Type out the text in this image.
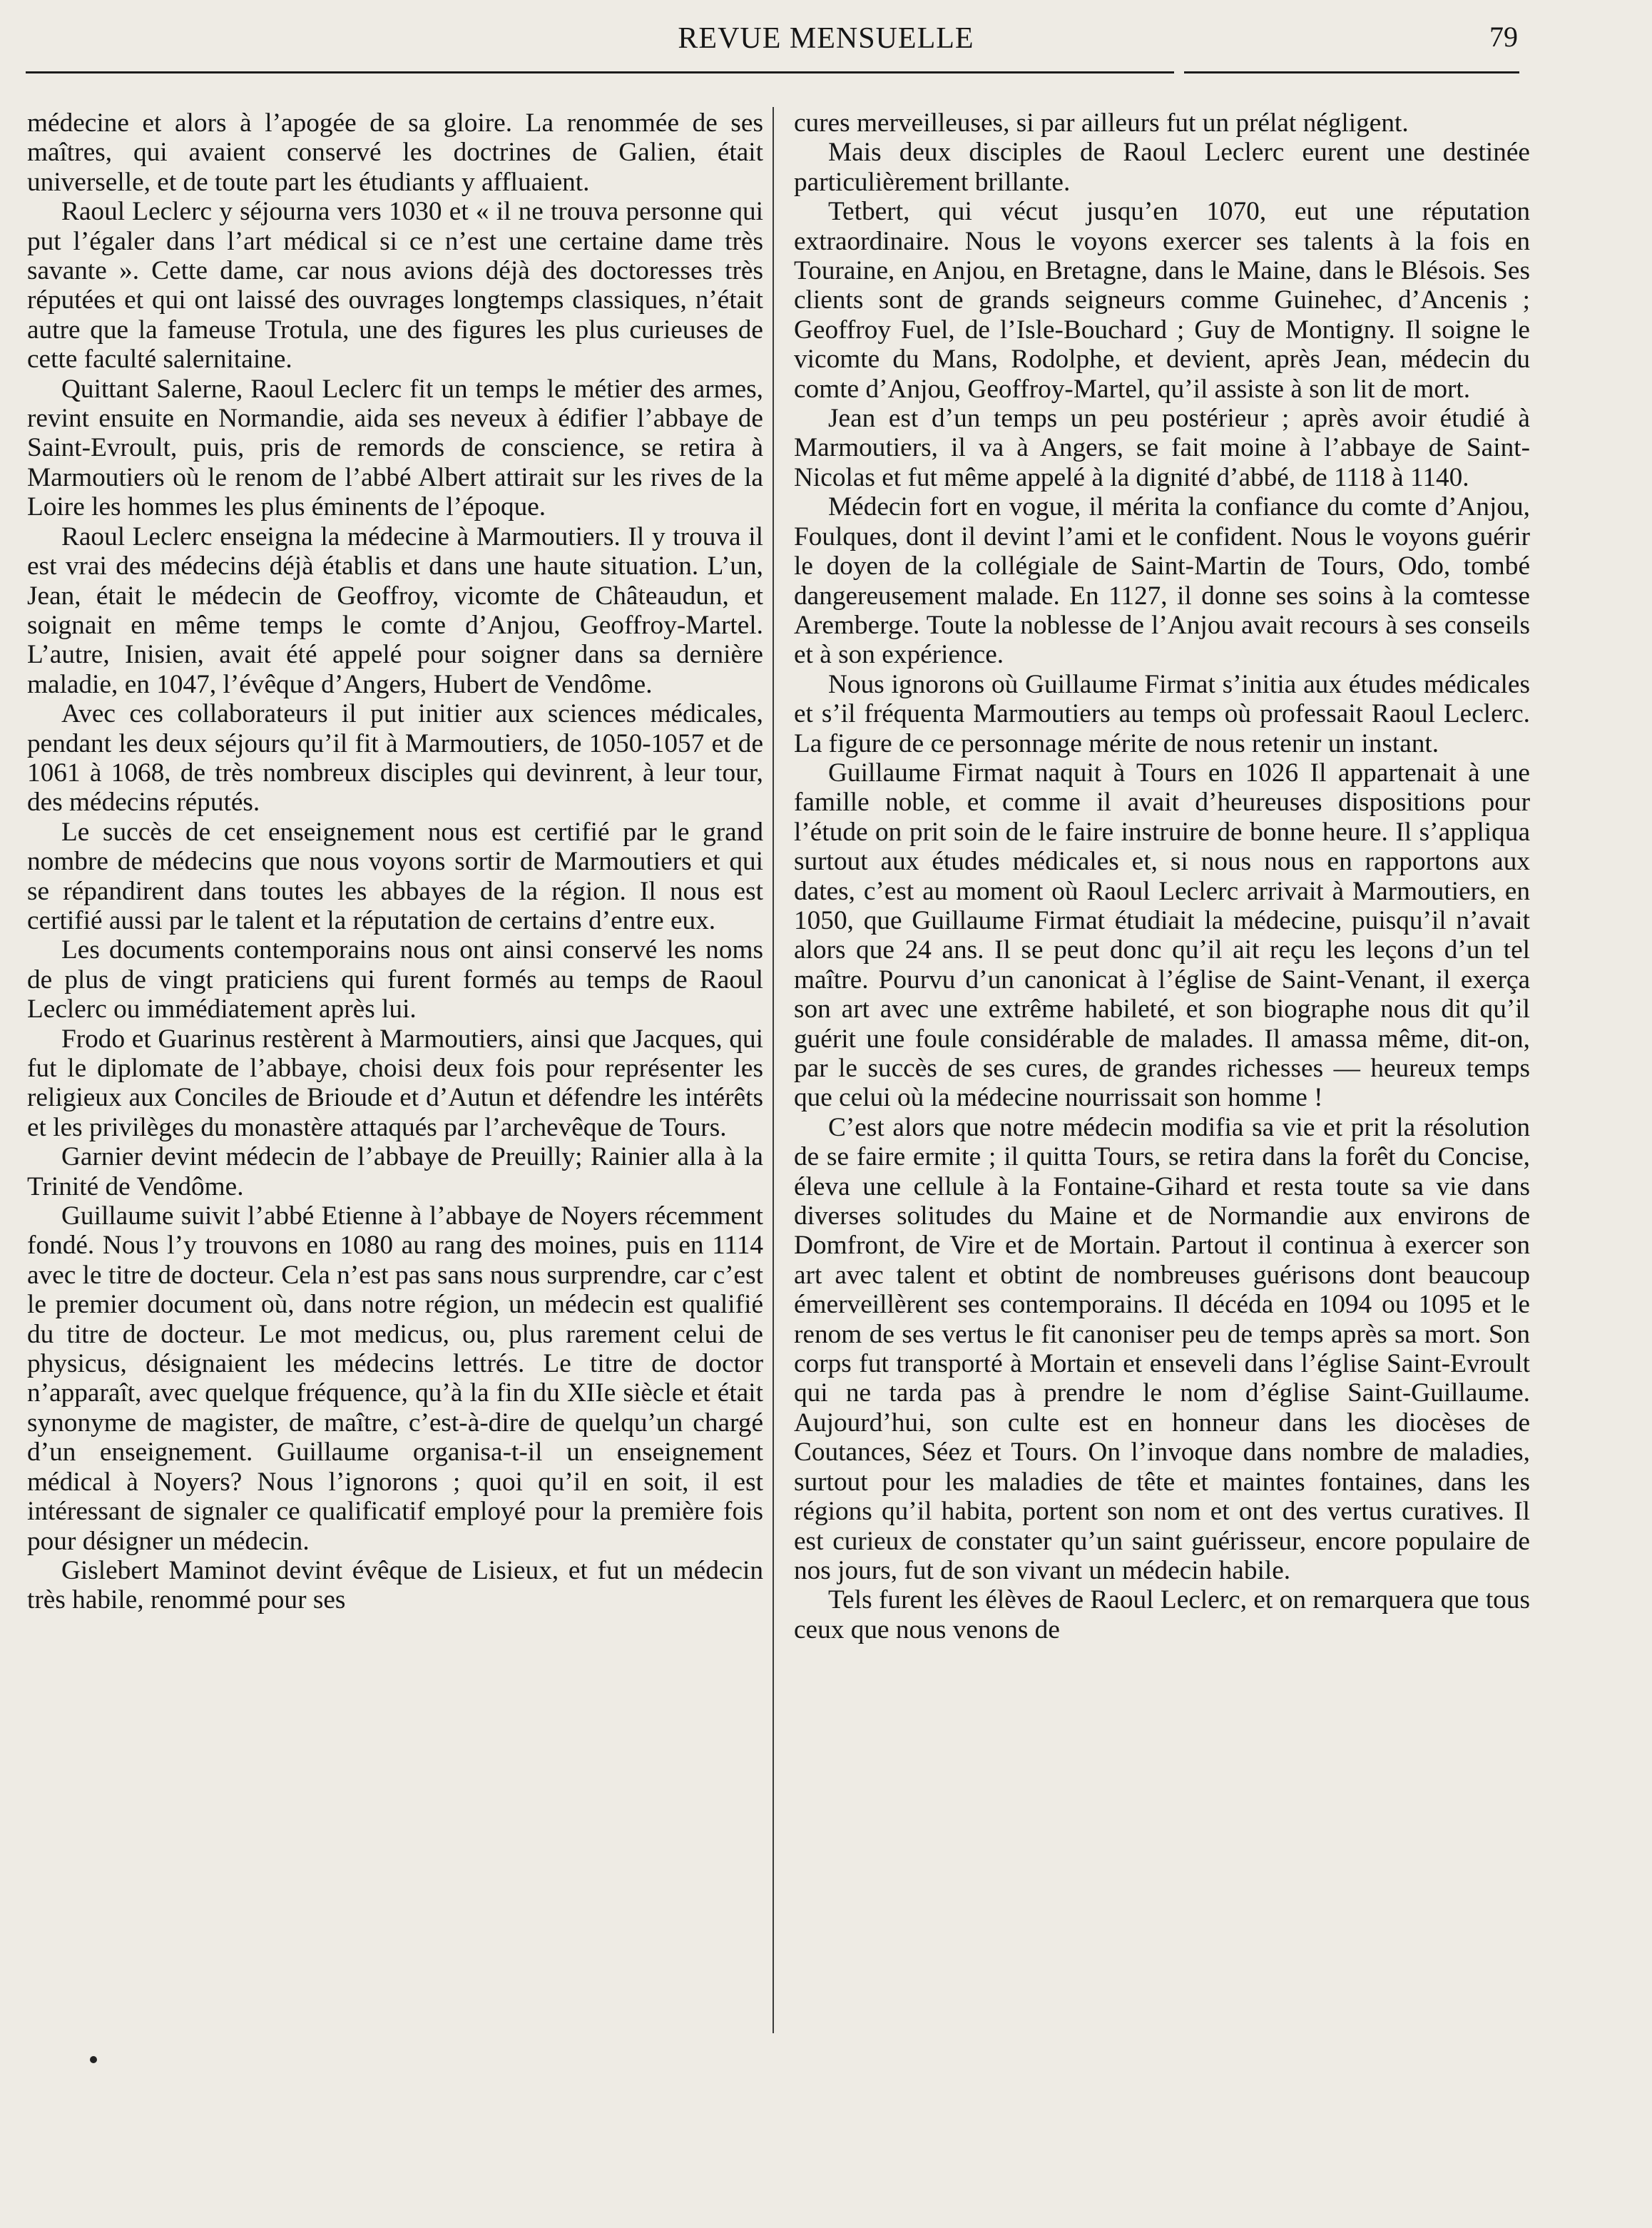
REVUE MENSUELLE	79

médecine et alors à l’apogée de sa gloire. La renommée de ses maîtres, qui avaient conservé les doctrines de Galien, était universelle, et de toute part les étudiants y affluaient.

Raoul Leclerc y séjourna vers 1030 et « il ne trouva personne qui put l’égaler dans l’art médical si ce n’est une certaine dame très savante ». Cette dame, car nous avions déjà des doctoresses très réputées et qui ont laissé des ouvrages longtemps classiques, n’était autre que la fameuse Trotula, une des figures les plus curieuses de cette faculté salernitaine.

Quittant Salerne, Raoul Leclerc fit un temps le métier des armes, revint ensuite en Normandie, aida ses neveux à édifier l’abbaye de Saint-Evroult, puis, pris de remords de conscience, se retira à Marmoutiers où le renom de l’abbé Albert attirait sur les rives de la Loire les hommes les plus éminents de l’époque.

Raoul Leclerc enseigna la médecine à Marmoutiers. Il y trouva il est vrai des médecins déjà établis et dans une haute situation. L’un, Jean, était le médecin de Geoffroy, vicomte de Châteaudun, et soignait en même temps le comte d’Anjou, Geoffroy-Martel. L’autre, Inisien, avait été appelé pour soigner dans sa dernière maladie, en 1047, l’évêque d’Angers, Hubert de Vendôme.

Avec ces collaborateurs il put initier aux sciences médicales, pendant les deux séjours qu’il fit à Marmoutiers, de 1050-1057 et de 1061 à 1068, de très nombreux disciples qui devinrent, à leur tour, des médecins réputés.

Le succès de cet enseignement nous est certifié par le grand nombre de médecins que nous voyons sortir de Marmoutiers et qui se répandirent dans toutes les abbayes de la région. Il nous est certifié aussi par le talent et la réputation de certains d’entre eux.

Les documents contemporains nous ont ainsi conservé les noms de plus de vingt praticiens qui furent formés au temps de Raoul Leclerc ou immédiatement après lui.

Frodo et Guarinus restèrent à Marmoutiers, ainsi que Jacques, qui fut le diplomate de l’abbaye, choisi deux fois pour représenter les religieux aux Conciles de Brioude et d’Autun et défendre les intérêts et les privilèges du monastère attaqués par l’archevêque de Tours.

Garnier devint médecin de l’abbaye de Preuilly; Rainier alla à la Trinité de Vendôme.

Guillaume suivit l’abbé Etienne à l’abbaye de Noyers récemment fondé. Nous l’y trouvons en 1080 au rang des moines, puis en 1114 avec le titre de docteur. Cela n’est pas sans nous surprendre, car c’est le premier document où, dans notre région, un médecin est qualifié du titre de docteur. Le mot medicus, ou, plus rarement celui de physicus, désignaient les médecins lettrés. Le titre de doctor n’apparaît, avec quelque fréquence, qu’à la fin du XIIe siècle et était synonyme de magister, de maître, c’est-à-dire de quelqu’un chargé d’un enseignement. Guillaume organisa-t-il un enseignement médical à Noyers? Nous l’ignorons ; quoi qu’il en soit, il est intéressant de signaler ce qualificatif employé pour la première fois pour désigner un médecin.

Gislebert Maminot devint évêque de Lisieux, et fut un médecin très habile, renommé pour ses

cures merveilleuses, si par ailleurs fut un prélat négligent.

Mais deux disciples de Raoul Leclerc eurent une destinée particulièrement brillante.

Tetbert, qui vécut jusqu’en 1070, eut une réputation extraordinaire. Nous le voyons exercer ses talents à la fois en Touraine, en Anjou, en Bretagne, dans le Maine, dans le Blésois. Ses clients sont de grands seigneurs comme Guinehec, d’Ancenis ; Geoffroy Fuel, de l’Isle-Bouchard ; Guy de Montigny. Il soigne le vicomte du Mans, Rodolphe, et devient, après Jean, médecin du comte d’Anjou, Geoffroy-Martel, qu’il assiste à son lit de mort.

Jean est d’un temps un peu postérieur ; après avoir étudié à Marmoutiers, il va à Angers, se fait moine à l’abbaye de Saint-Nicolas et fut même appelé à la dignité d’abbé, de 1118 à 1140.

Médecin fort en vogue, il mérita la confiance du comte d’Anjou, Foulques, dont il devint l’ami et le confident. Nous le voyons guérir le doyen de la collégiale de Saint-Martin de Tours, Odo, tombé dangereusement malade. En 1127, il donne ses soins à la comtesse Aremberge. Toute la noblesse de l’Anjou avait recours à ses conseils et à son expérience.

Nous ignorons où Guillaume Firmat s’initia aux études médicales et s’il fréquenta Marmoutiers au temps où professait Raoul Leclerc. La figure de ce personnage mérite de nous retenir un instant.

Guillaume Firmat naquit à Tours en 1026 Il appartenait à une famille noble, et comme il avait d’heureuses dispositions pour l’étude on prit soin de le faire instruire de bonne heure. Il s’appliqua surtout aux études médicales et, si nous nous en rapportons aux dates, c’est au moment où Raoul Leclerc arrivait à Marmoutiers, en 1050, que Guillaume Firmat étudiait la médecine, puisqu’il n’avait alors que 24 ans. Il se peut donc qu’il ait reçu les leçons d’un tel maître. Pourvu d’un canonicat à l’église de Saint-Venant, il exerça son art avec une extrême habileté, et son biographe nous dit qu’il guérit une foule considérable de malades. Il amassa même, dit-on, par le succès de ses cures, de grandes richesses — heureux temps que celui où la médecine nourrissait son homme !

C’est alors que notre médecin modifia sa vie et prit la résolution de se faire ermite ; il quitta Tours, se retira dans la forêt du Concise, éleva une cellule à la Fontaine-Gihard et resta toute sa vie dans diverses solitudes du Maine et de Normandie aux environs de Domfront, de Vire et de Mortain. Partout il continua à exercer son art avec talent et obtint de nombreuses guérisons dont beaucoup émerveillèrent ses contemporains. Il décéda en 1094 ou 1095 et le renom de ses vertus le fit canoniser peu de temps après sa mort. Son corps fut transporté à Mortain et enseveli dans l’église Saint-Evroult qui ne tarda pas à prendre le nom d’église Saint-Guillaume. Aujourd’hui, son culte est en honneur dans les diocèses de Coutances, Séez et Tours. On l’invoque dans nombre de maladies, surtout pour les maladies de tête et maintes fontaines, dans les régions qu’il habita, portent son nom et ont des vertus curatives. Il est curieux de constater qu’un saint guérisseur, encore populaire de nos jours, fut de son vivant un médecin habile.

Tels furent les élèves de Raoul Leclerc, et on remarquera que tous ceux que nous venons de
